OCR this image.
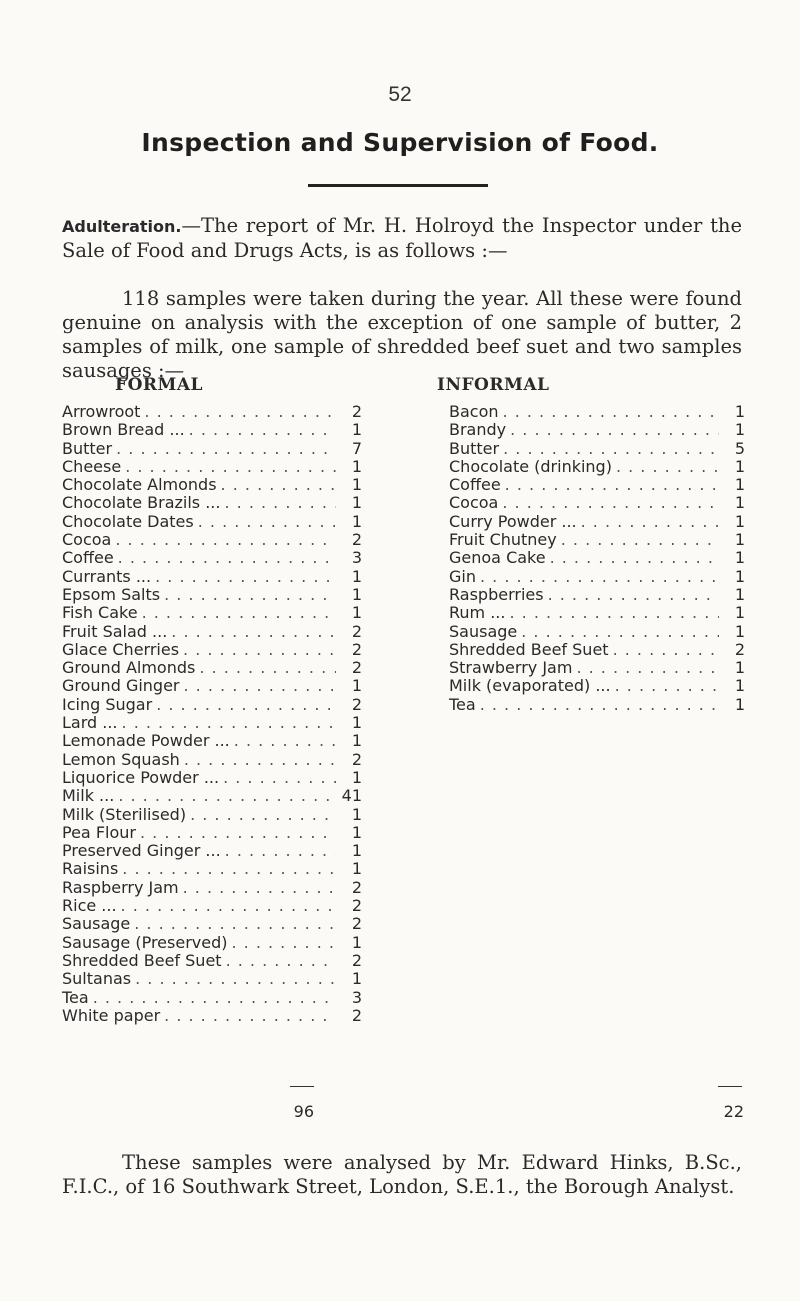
52
Inspection and Supervision of Food.

Adulteration.—The report of Mr. H. Holroyd the Inspector under the Sale of Food and Drugs Acts, is as follows :—

118 samples were taken during the year. All these were found genuine on analysis with the exception of one sample of butter, 2 samples of milk, one sample of shredded beef suet and two samples sausages :—

FORMAL	INFORMAL
Arrowroot . . .	2
Brown Bread ... . . .	1
Butter . . .	7
Cheese . . .	1
Chocolate Almonds . . .	1
Chocolate Brazils ... . . .	1
Chocolate Dates . . .	1
Cocoa . . .	2
Coffee . . .	3
Currants ... . . .	1
Epsom Salts . . .	1
Fish Cake . . .	1
Fruit Salad ... . . .	2
Glace Cherries . . .	2
Ground Almonds . . .	2
Ground Ginger . . .	1
Icing Sugar . . .	2
Lard ... . . .	1
Lemonade Powder ... . . .	1
Lemon Squash . . .	2
Liquorice Powder ... . . .	1
Milk ... . . .	41
Milk (Sterilised) . . .	1
Pea Flour . . .	1
Preserved Ginger ... . . .	1
Raisins . . .	1
Raspberry Jam . . .	2
Rice ... . . .	2
Sausage . . .	2
Sausage (Preserved) . . .	1
Shredded Beef Suet . . .	2
Sultanas . . .	1
Tea . . .	3
White paper . . .	2
Bacon . . .	1
Brandy . . .	1
Butter . . .	5
Chocolate (drinking) . . .	1
Coffee . . .	1
Cocoa . . .	1
Curry Powder ... . . .	1
Fruit Chutney . . .	1
Genoa Cake . . .	1
Gin . . .	1
Raspberries . . .	1
Rum ... . . .	1
Sausage . . .	1
Shredded Beef Suet . . .	2
Strawberry Jam . . .	1
Milk (evaporated) ... . . .	1
Tea . . .	1
96	22

These samples were analysed by Mr. Edward Hinks, B.Sc., F.I.C., of 16 Southwark Street, London, S.E.1., the Borough Analyst.
